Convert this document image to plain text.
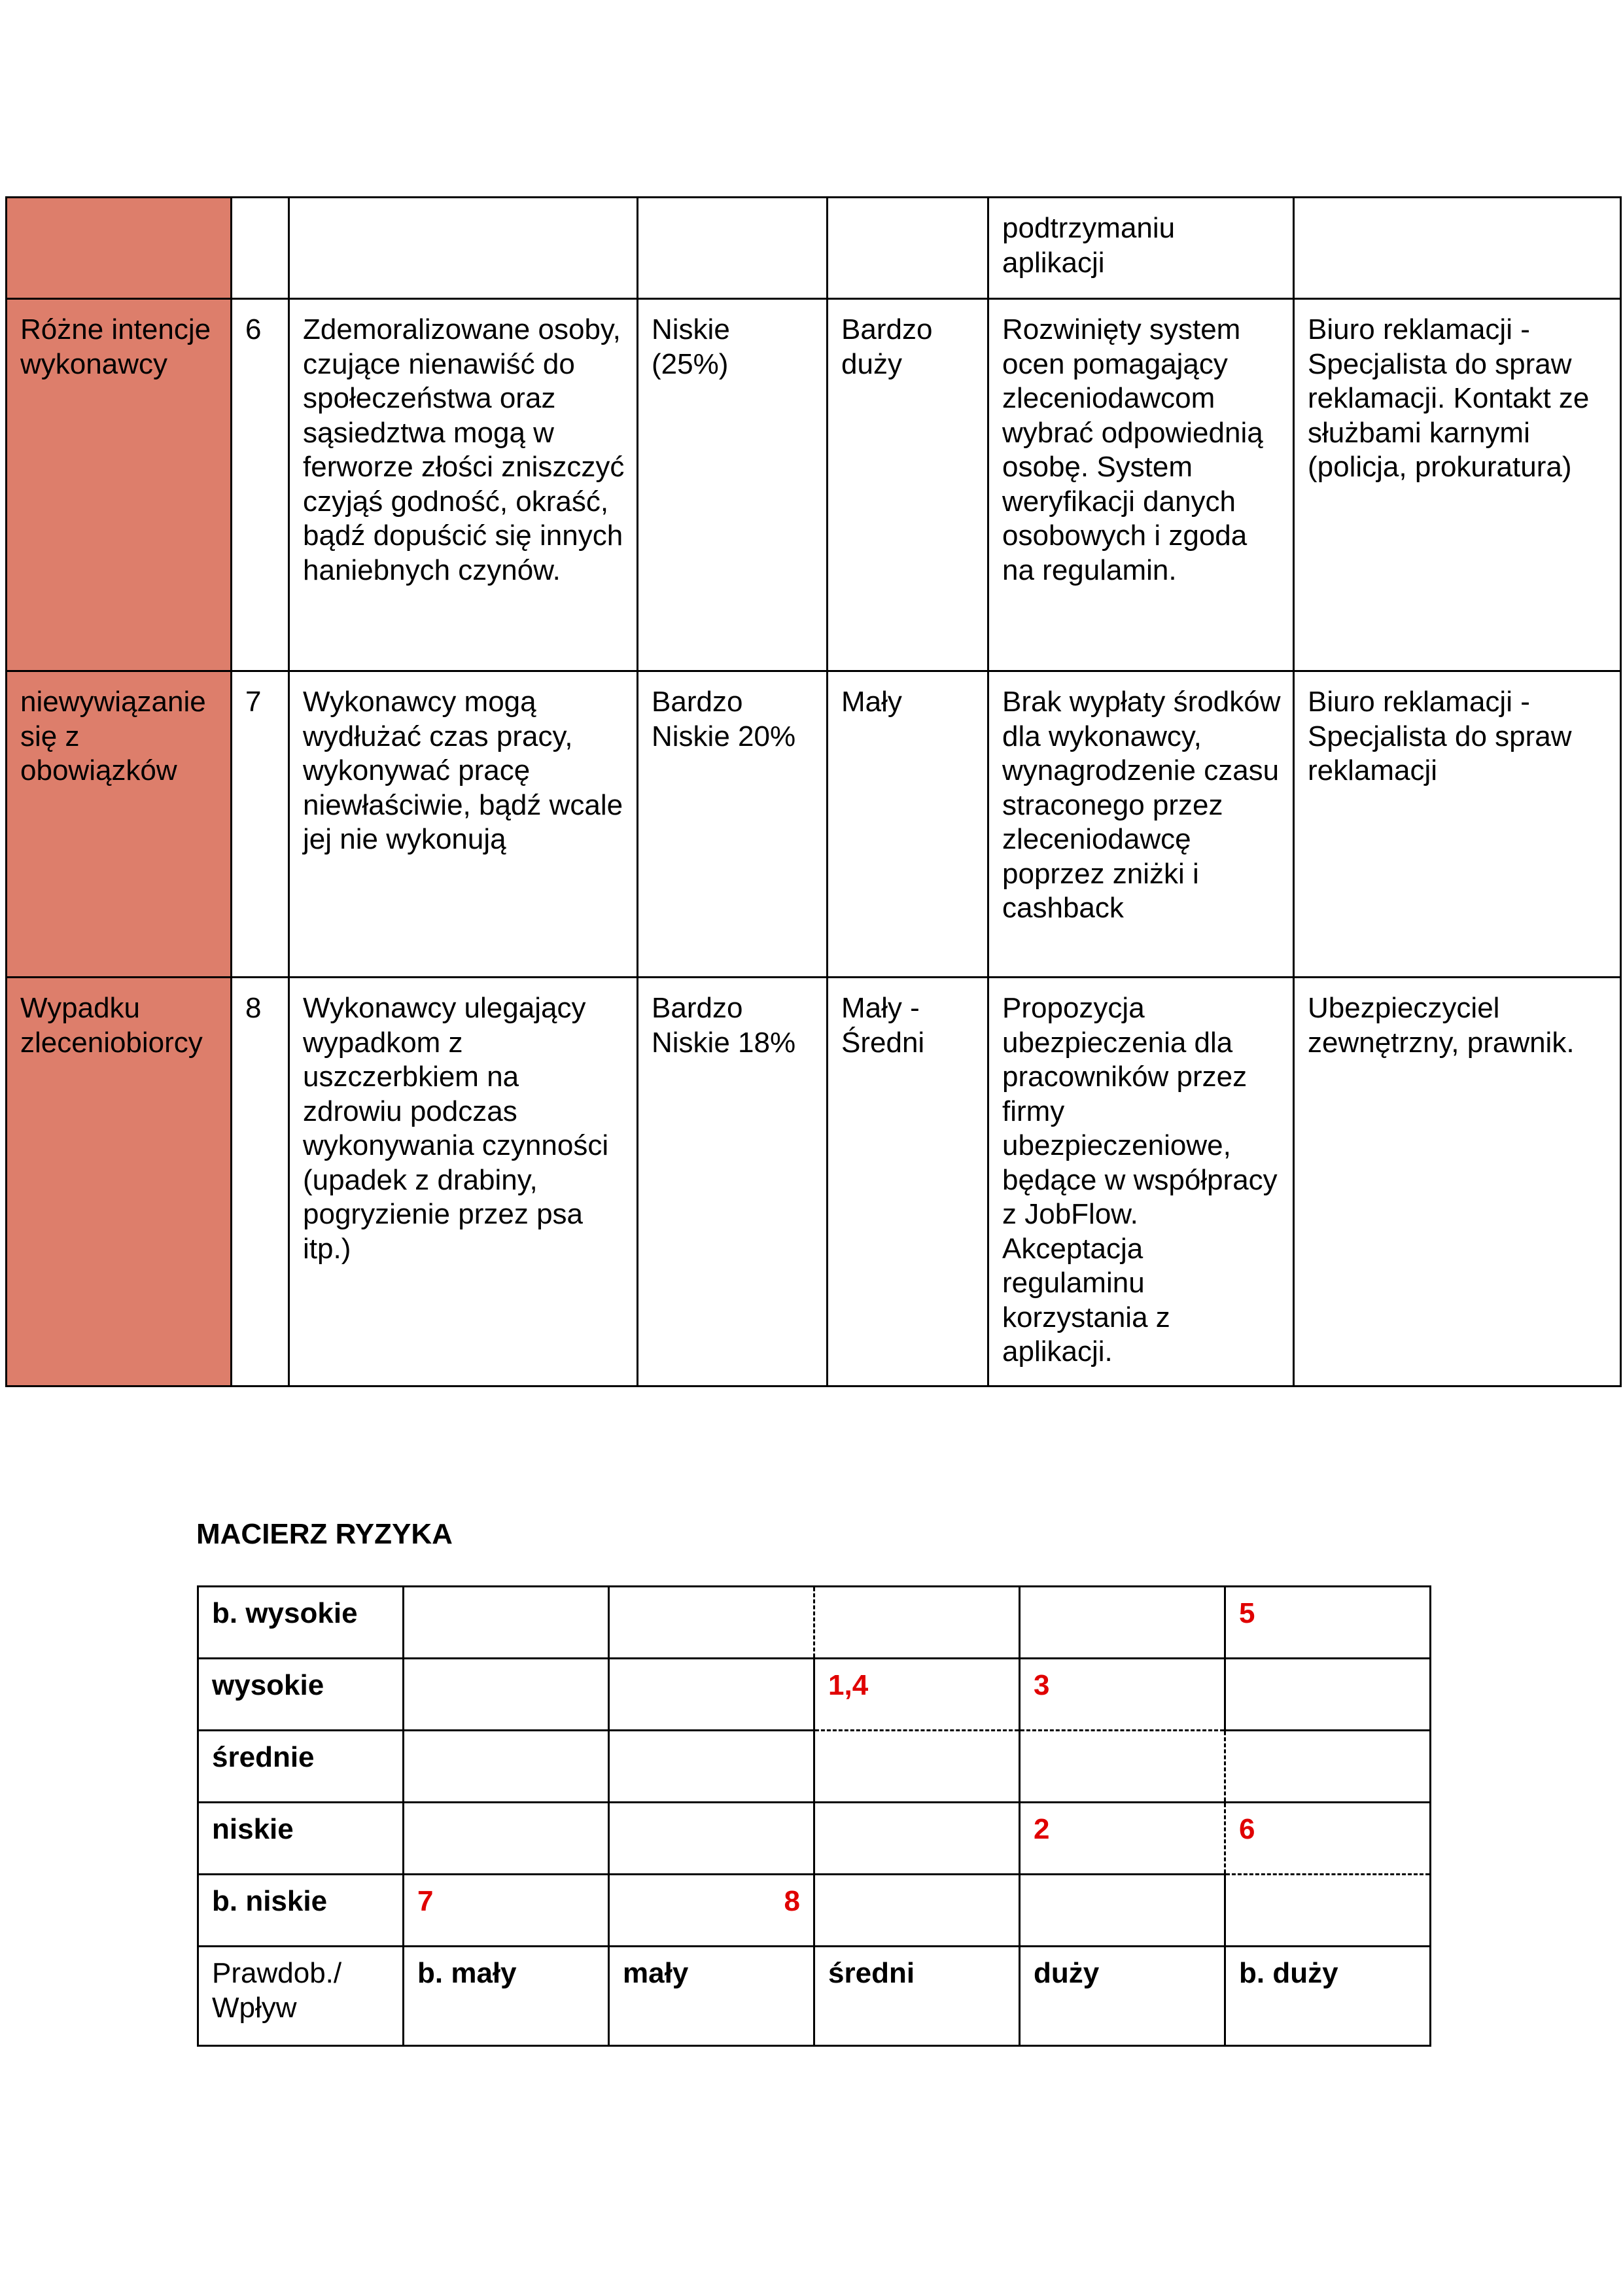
					podtrzymaniu aplikacji	
Różne intencje wykonawcy	6	Zdemoralizowane osoby, czujące nienawiść do społeczeństwa oraz sąsiedztwa mogą w ferworze złości zniszczyć czyjąś godność, okraść, bądź dopuścić się innych haniebnych czynów.	Niskie (25%)	Bardzo duży	Rozwinięty system ocen pomagający zleceniodawcom wybrać odpowiednią osobę. System weryfikacji danych osobowych i zgoda na regulamin.	Biuro reklamacji - Specjalista do spraw reklamacji. Kontakt ze służbami karnymi (policja, prokuratura)
niewywiązanie się z obowiązków	7	Wykonawcy mogą wydłużać czas pracy, wykonywać pracę niewłaściwie, bądź wcale jej nie wykonują	Bardzo Niskie 20%	Mały	Brak wypłaty środków dla wykonawcy, wynagrodzenie czasu straconego przez zleceniodawcę poprzez zniżki i cashback	Biuro reklamacji - Specjalista do spraw reklamacji
Wypadku zleceniobiorcy	8	Wykonawcy ulegający wypadkom z uszczerbkiem na zdrowiu podczas wykonywania czynności (upadek z drabiny, pogryzienie przez psa itp.)	Bardzo Niskie 18%	Mały - Średni	Propozycja ubezpieczenia dla pracowników przez firmy ubezpieczeniowe, będące w współpracy z JobFlow. Akceptacja regulaminu korzystania z aplikacji.	Ubezpieczyciel zewnętrzny, prawnik.
MACIERZ RYZYKA
b. wysokie					5
wysokie			1,4	3	
średnie					
niskie				2	6
b. niskie	7	8			
Prawdob./ Wpływ	b. mały	mały	średni	duży	b. duży
